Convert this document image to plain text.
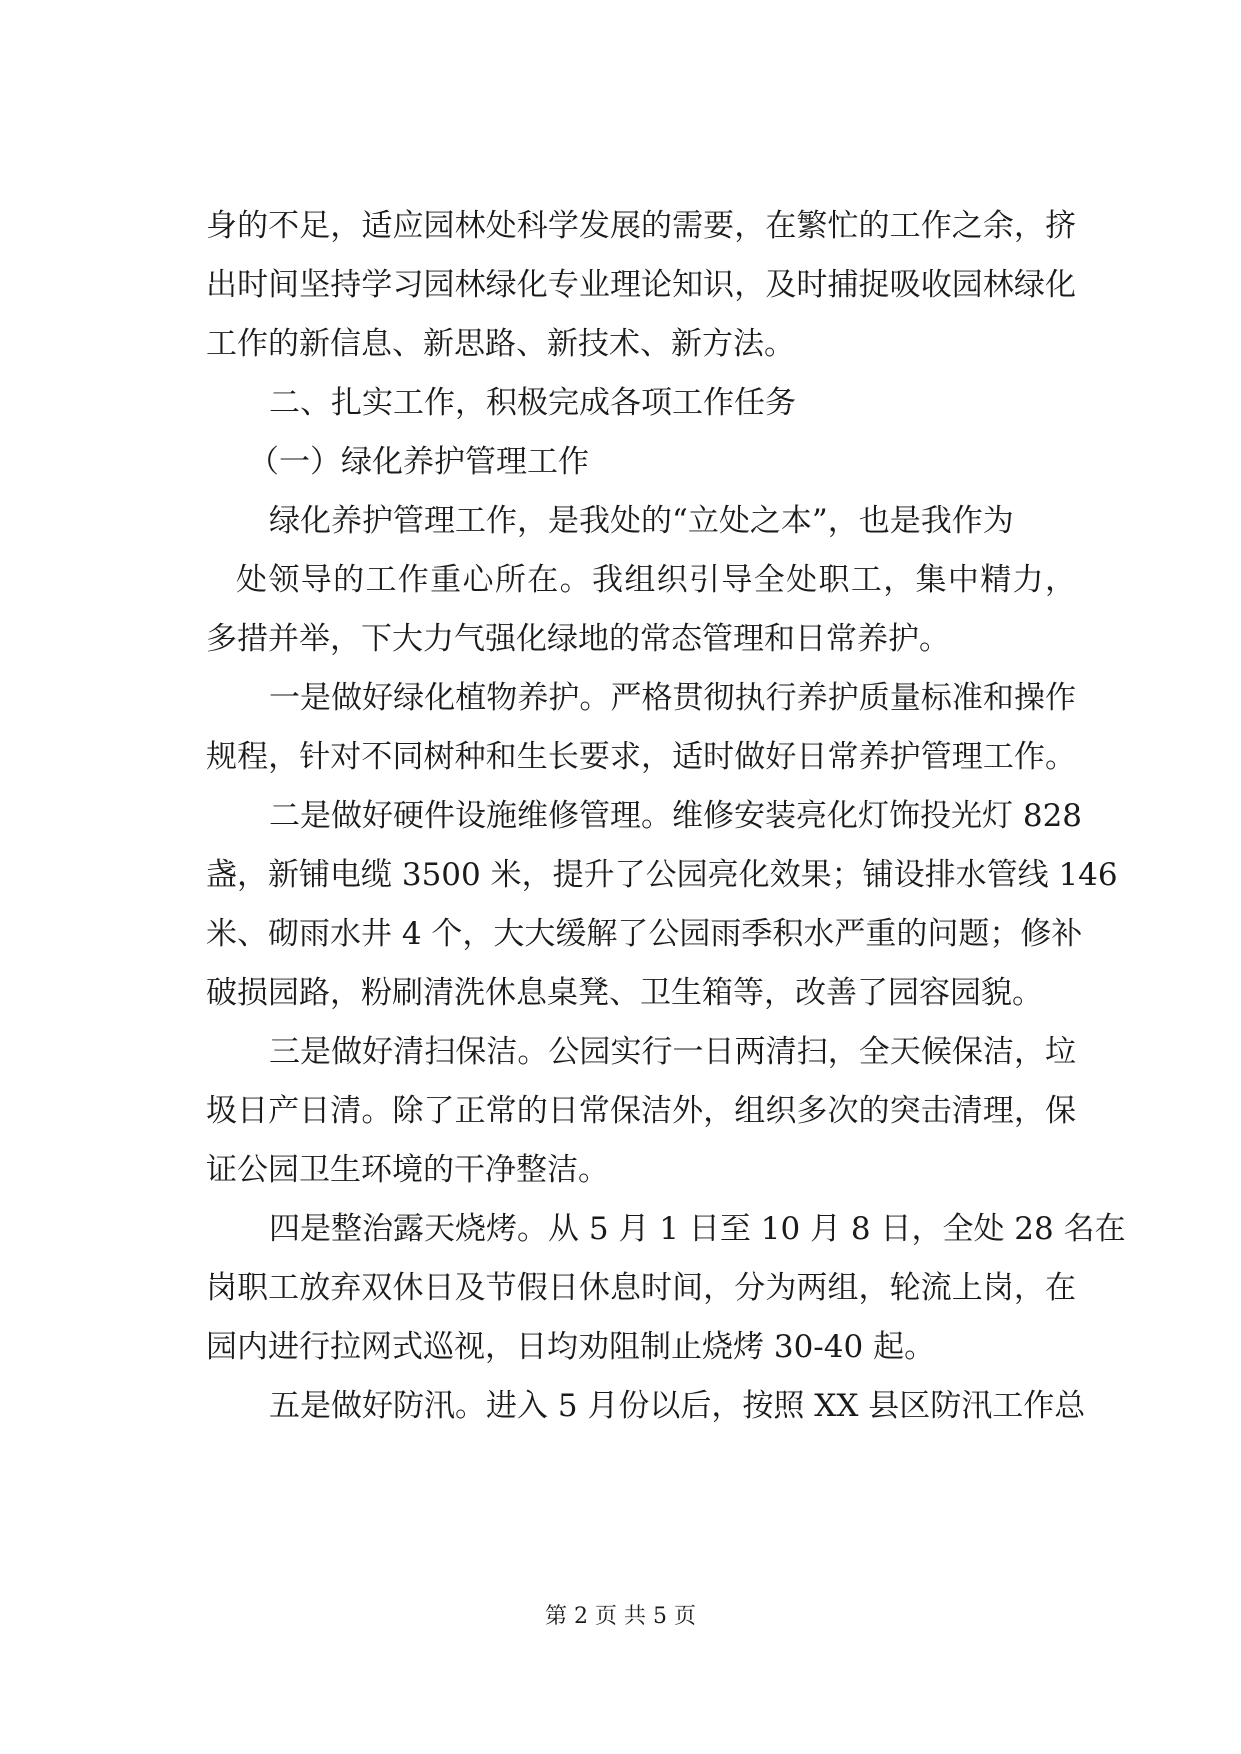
身的不足，适应园林处科学发展的需要，在繁忙的工作之余，挤
出时间坚持学习园林绿化专业理论知识，及时捕捉吸收园林绿化
工作的新信息、新思路、新技术、新方法。
二、扎实工作，积极完成各项工作任务
（一）绿化养护管理工作
绿化养护管理工作，是我处的“立处之本”，也是我作为
处领导的工作重心所在。我组织引导全处职工，集中精力，
多措并举，下大力气强化绿地的常态管理和日常养护。
一是做好绿化植物养护。严格贯彻执行养护质量标准和操作
规程，针对不同树种和生长要求，适时做好日常养护管理工作。
二是做好硬件设施维修管理。维修安装亮化灯饰投光灯 828
盏，新铺电缆 3500 米，提升了公园亮化效果；铺设排水管线 146
米、砌雨水井 4 个，大大缓解了公园雨季积水严重的问题；修补
破损园路，粉刷清洗休息桌凳、卫生箱等，改善了园容园貌。
三是做好清扫保洁。公园实行一日两清扫，全天候保洁，垃
圾日产日清。除了正常的日常保洁外，组织多次的突击清理，保
证公园卫生环境的干净整洁。
四是整治露天烧烤。从 5 月 1 日至 10 月 8 日，全处 28 名在
岗职工放弃双休日及节假日休息时间，分为两组，轮流上岗，在
园内进行拉网式巡视，日均劝阻制止烧烤 30-40 起。
五是做好防汛。进入 5 月份以后，按照 XX 县区防汛工作总
第 2 页 共 5 页
